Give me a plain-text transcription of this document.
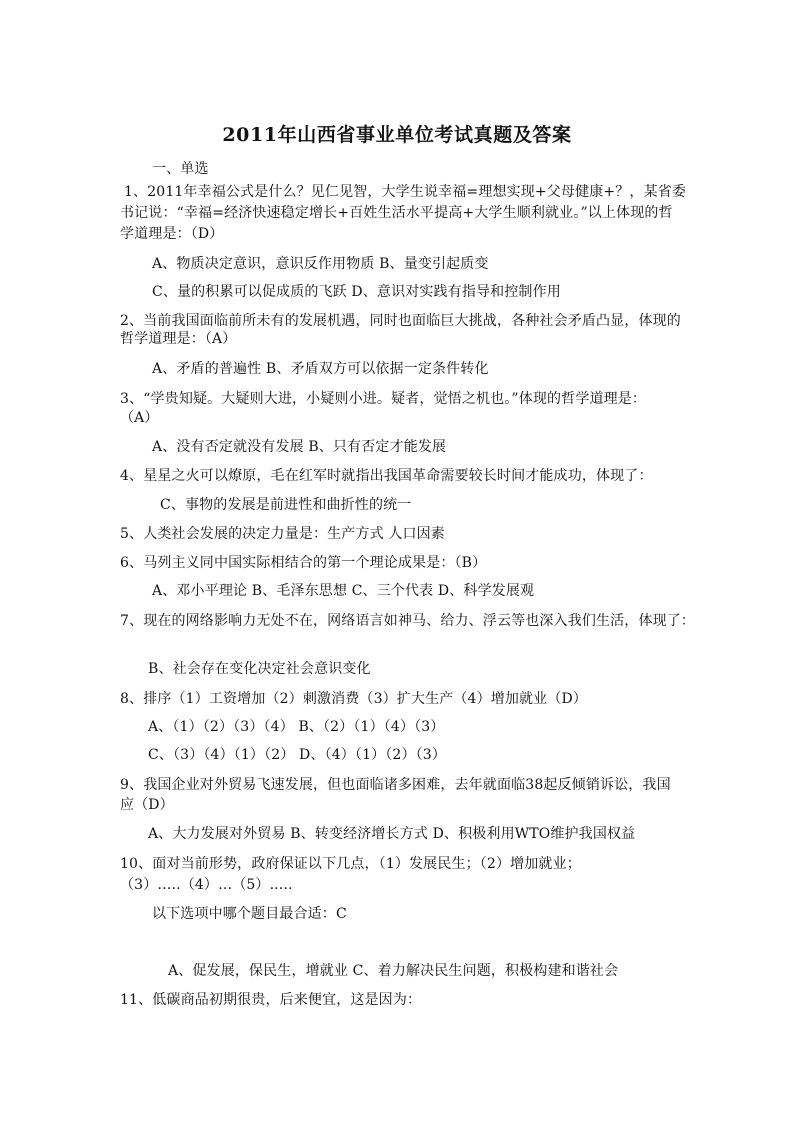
2011年山西省事业单位考试真题及答案
一、单选
1、2011年幸福公式是什么？见仁见智，大学生说幸福=理想实现+父母健康+？，某省委
书记说：“幸福=经济快速稳定增长+百姓生活水平提高+大学生顺利就业。”以上体现的哲
学道理是：（D）
A、物质决定意识，意识反作用物质 B、量变引起质变
C、量的积累可以促成质的飞跃 D、意识对实践有指导和控制作用
2、当前我国面临前所未有的发展机遇，同时也面临巨大挑战，各种社会矛盾凸显，体现的
哲学道理是：（A）
A、矛盾的普遍性 B、矛盾双方可以依据一定条件转化
3、“学贵知疑。大疑则大进，小疑则小进。疑者，觉悟之机也。”体现的哲学道理是：
（A）
A、没有否定就没有发展 B、只有否定才能发展
4、星星之火可以燎原，毛在红军时就指出我国革命需要较长时间才能成功，体现了：
C、事物的发展是前进性和曲折性的统一
5、人类社会发展的决定力量是：生产方式 人口因素
6、马列主义同中国实际相结合的第一个理论成果是：（B）
A、邓小平理论 B、毛泽东思想 C、三个代表 D、科学发展观
7、现在的网络影响力无处不在，网络语言如神马、给力、浮云等也深入我们生活，体现了：
B、社会存在变化决定社会意识变化
8、排序（1）工资增加（2）刺激消费（3）扩大生产（4）增加就业（D）
A、（1）（2）（3）（4） B、（2）（1）（4）（3）
C、（3）（4）（1）（2） D、（4）（1）（2）（3）
9、我国企业对外贸易飞速发展，但也面临诸多困难，去年就面临38起反倾销诉讼，我国
应（D）
A、大力发展对外贸易 B、转变经济增长方式 D、积极利用WTO维护我国权益
10、面对当前形势，政府保证以下几点，（1）发展民生；（2）增加就业；
（3）…..（4）…（5）.....
以下选项中哪个题目最合适：C
A、促发展，保民生，增就业 C、着力解决民生问题，积极构建和谐社会
11、低碳商品初期很贵，后来便宜，这是因为：
